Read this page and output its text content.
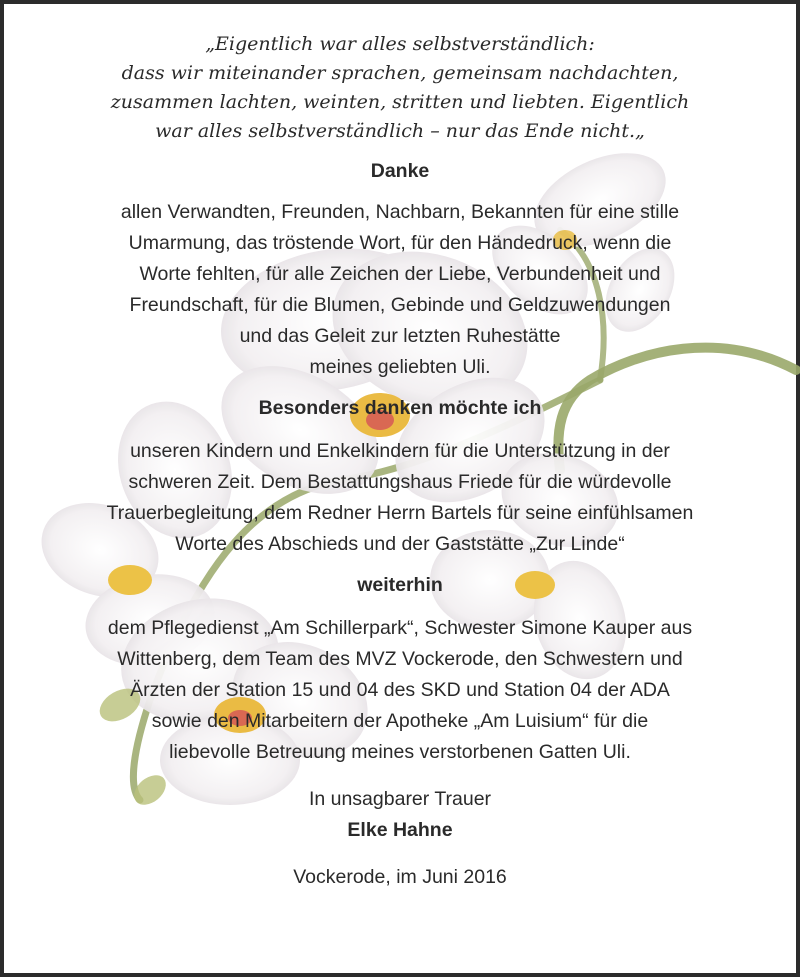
„Eigentlich war alles selbstverständlich:
dass wir miteinander sprachen, gemeinsam nachdachten,
zusammen lachten, weinten, stritten und liebten. Eigentlich
war alles selbstverständlich – nur das Ende nicht.„
Danke
allen Verwandten, Freunden, Nachbarn, Bekannten für eine stille
Umarmung, das tröstende Wort, für den Händedruck, wenn die
Worte fehlten, für alle Zeichen der Liebe, Verbundenheit und
Freundschaft, für die Blumen, Gebinde und Geldzuwendungen
und das Geleit zur letzten Ruhestätte
meines geliebten Uli.
Besonders danken möchte ich
unseren Kindern und Enkelkindern für die Unterstützung in der
schweren Zeit. Dem Bestattungshaus Friede für die würdevolle
Trauerbegleitung, dem Redner Herrn Bartels für seine einfühlsamen
Worte des Abschieds und der Gaststätte „Zur Linde“
weiterhin
dem Pflegedienst „Am Schillerpark“, Schwester Simone Kauper aus
Wittenberg, dem Team des MVZ Vockerode, den Schwestern und
Ärzten der Station 15 und 04 des SKD und Station 04 der ADA
sowie den Mitarbeitern der Apotheke „Am Luisium“ für die
liebevolle Betreuung meines verstorbenen Gatten Uli.
In unsagbarer Trauer
Elke Hahne
Vockerode, im Juni 2016
